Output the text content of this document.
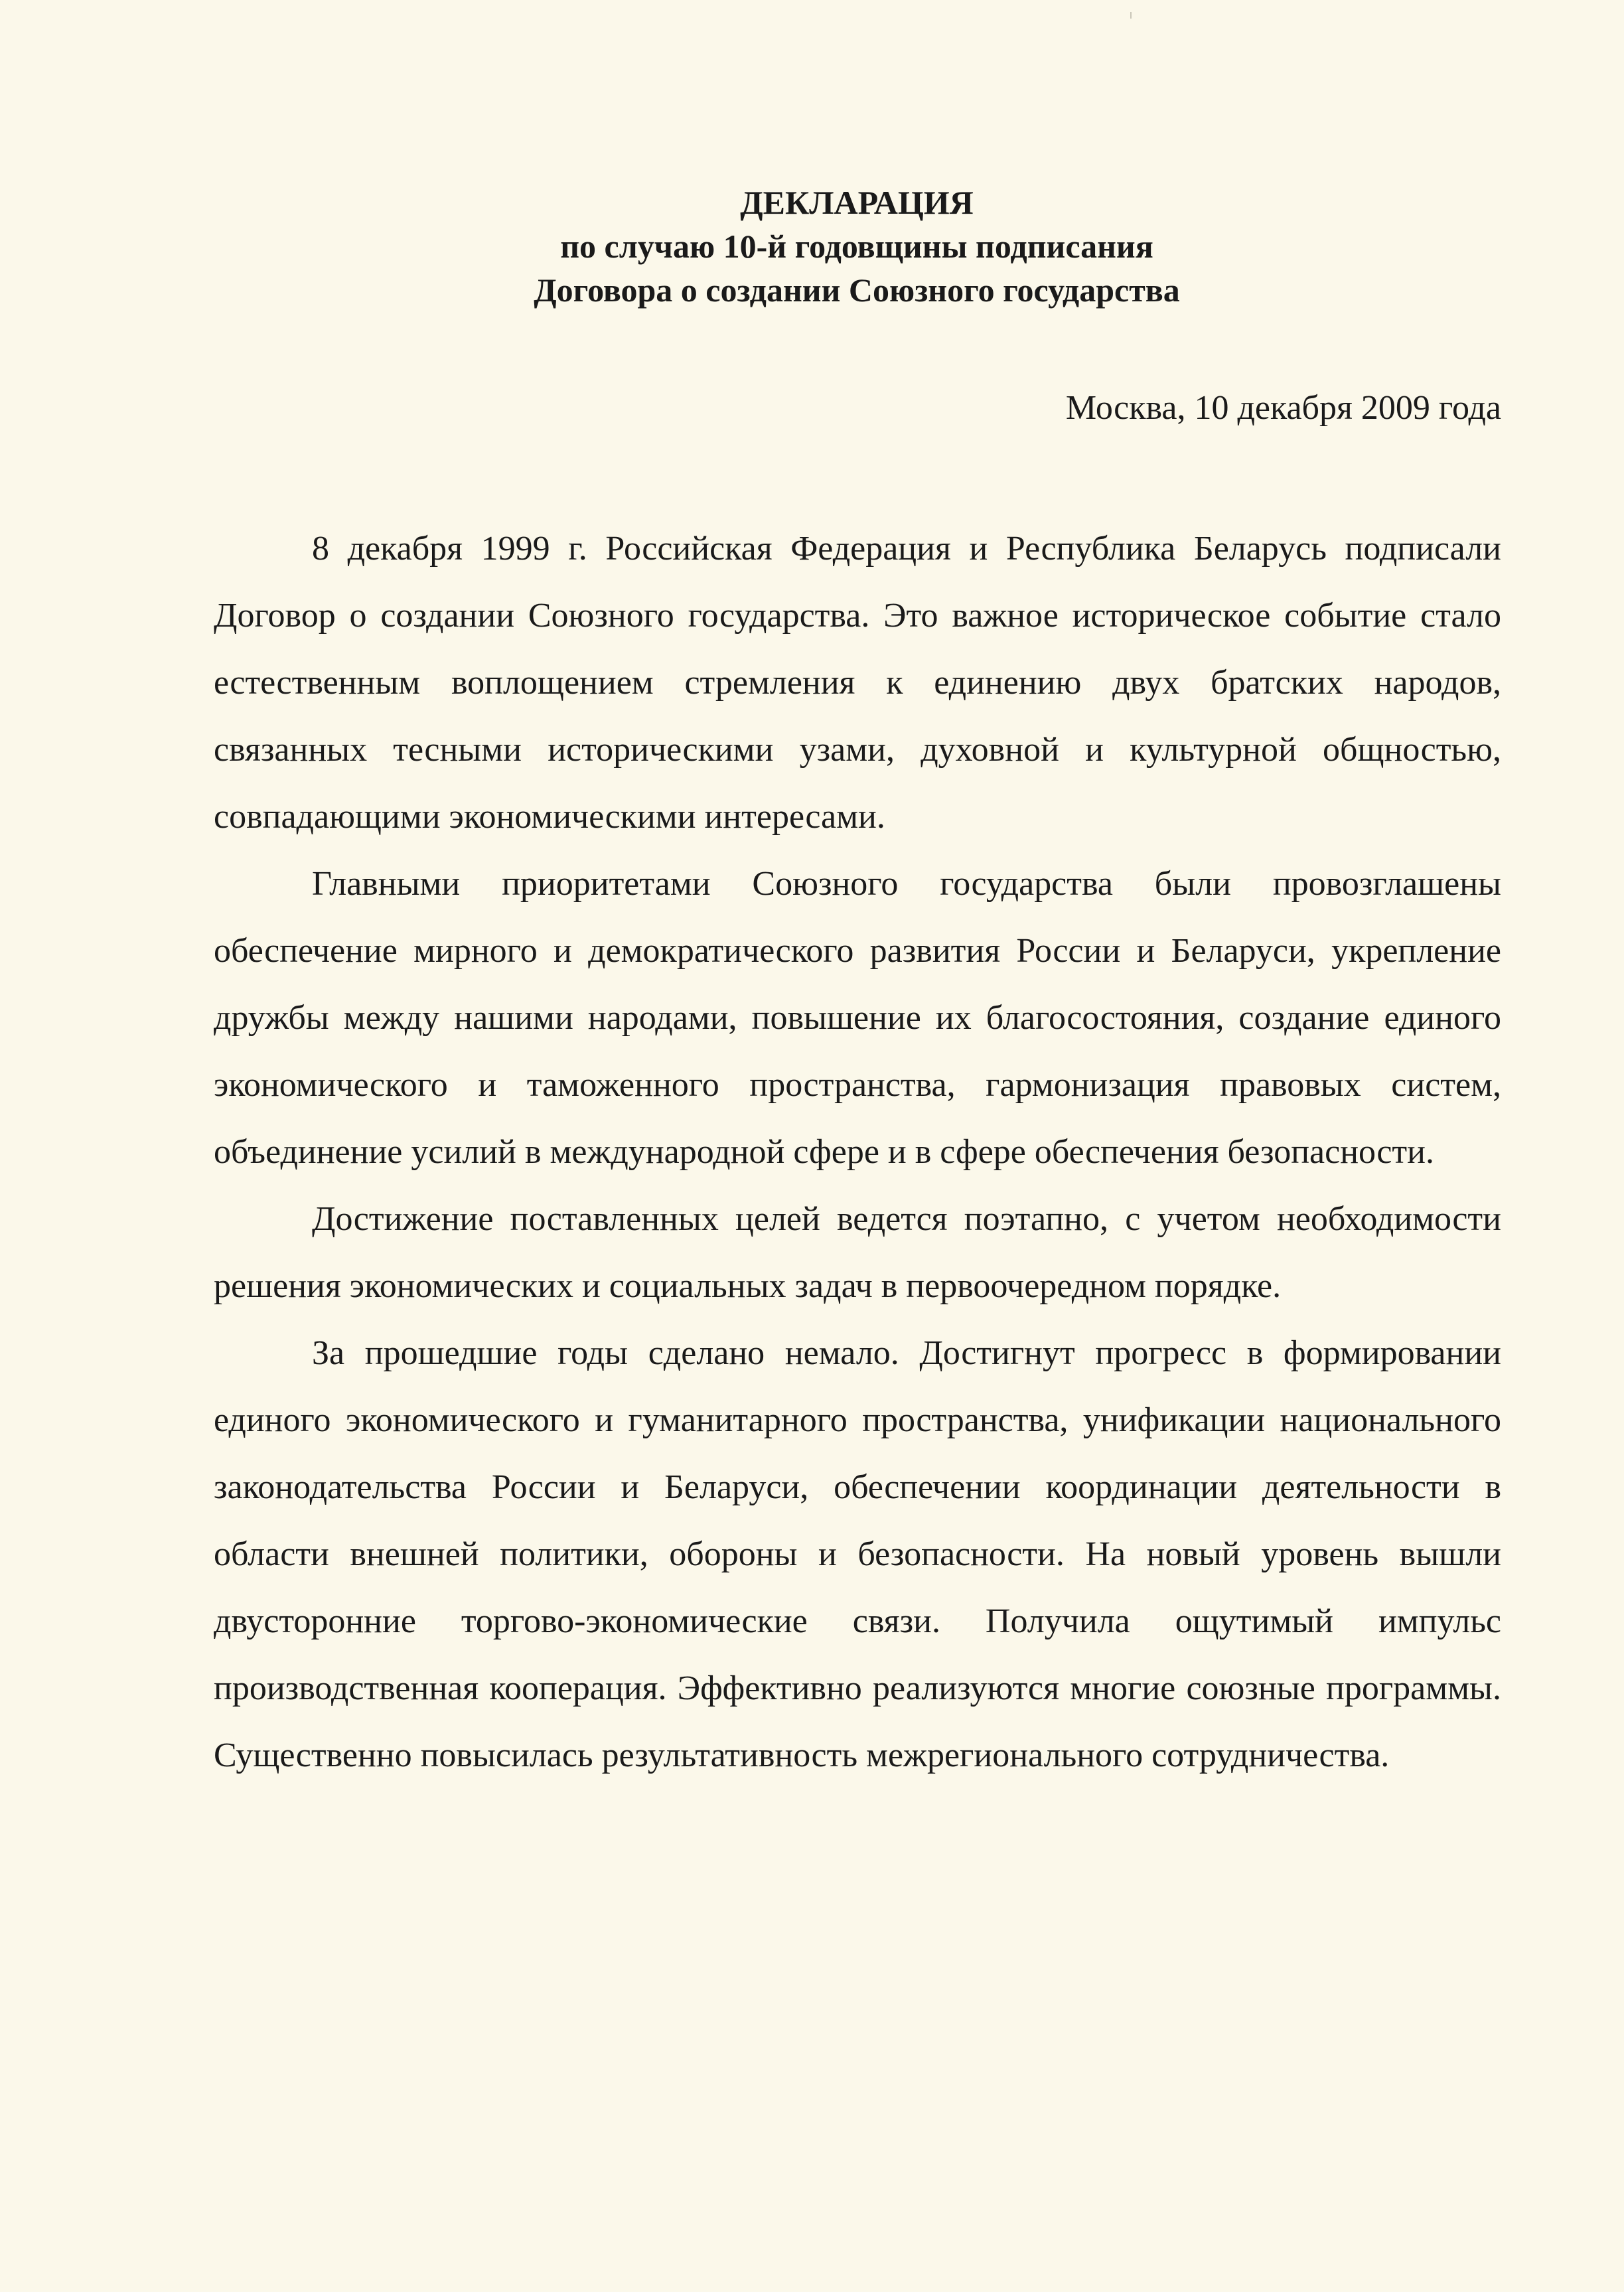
ДЕКЛАРАЦИЯ
по случаю 10-й годовщины подписания
Договора о создании Союзного государства
Москва, 10 декабря 2009 года

8 декабря 1999 г. Российская Федерация и Республика Беларусь подписали Договор о создании Союзного государства. Это важное историческое событие стало естественным воплощением стремления к единению двух братских народов, связанных тесными историческими узами, духовной и культурной общностью, совпадающими экономическими интересами.

Главными приоритетами Союзного государства были провозглашены обеспечение мирного и демократического развития России и Беларуси, укрепление дружбы между нашими народами, повышение их благосостояния, создание единого экономического и таможенного пространства, гармонизация правовых систем, объединение усилий в международной сфере и в сфере обеспечения безопасности.

Достижение поставленных целей ведется поэтапно, с учетом необходимости решения экономических и социальных задач в первоочередном порядке.

За прошедшие годы сделано немало. Достигнут прогресс в формировании единого экономического и гуманитарного пространства, унификации национального законодательства России и Беларуси, обеспечении координации деятельности в области внешней политики, обороны и безопасности. На новый уровень вышли двусторонние торгово-экономические связи. Получила ощутимый импульс производственная кооперация. Эффективно реализуются многие союзные программы. Существенно повысилась результативность межрегионального сотрудничества.
